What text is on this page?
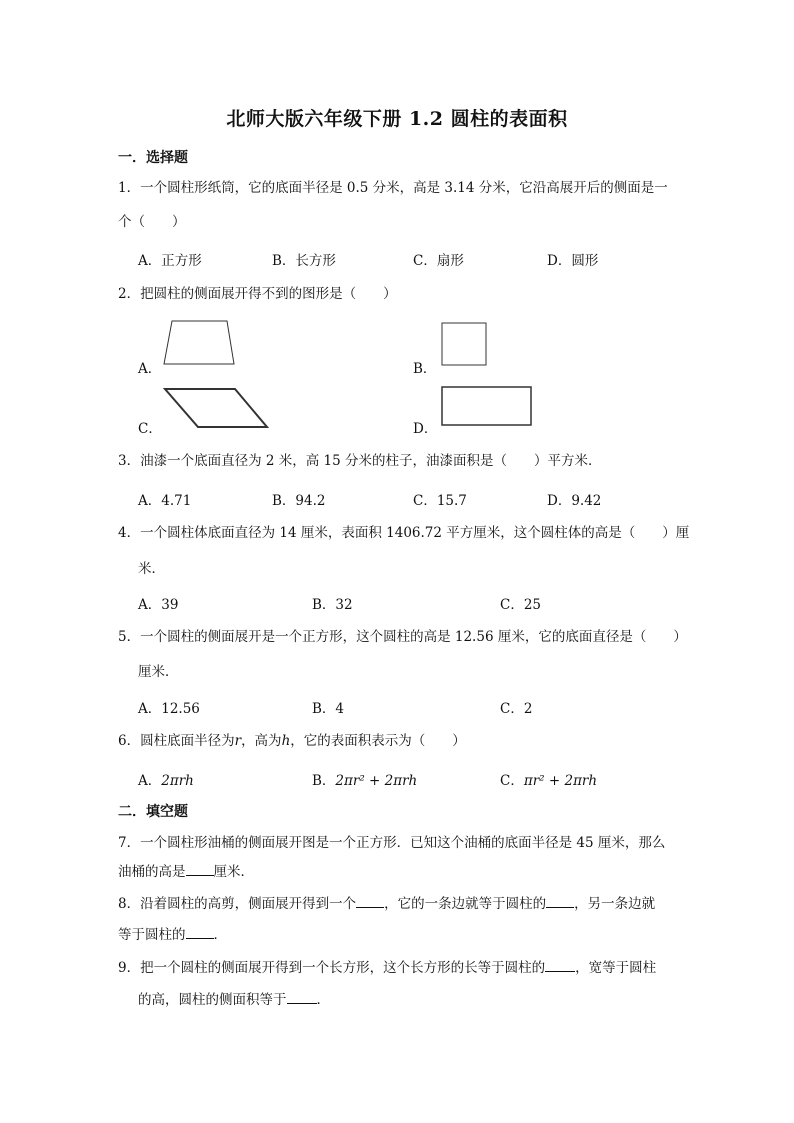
北师大版六年级下册 1.2 圆柱的表面积
一．选择题
1．一个圆柱形纸筒，它的底面半径是 0.5 分米，高是 3.14 分米，它沿高展开后的侧面是一
个（　　）
A．正方形	B．长方形	C．扇形	D．圆形
2．把圆柱的侧面展开得不到的图形是（　　）
A．	B．
C．	D．
3．油漆一个底面直径为 2 米，高 15 分米的柱子，油漆面积是（　　）平方米．
A．4.71	B．94.2	C．15.7	D．9.42
4．一个圆柱体底面直径为 14 厘米，表面积 1406.72 平方厘米，这个圆柱体的高是（　　）厘
米．
A．39	B．32	C．25
5．一个圆柱的侧面展开是一个正方形，这个圆柱的高是 12.56 厘米，它的底面直径是（　　）
厘米．
A．12.56	B．4	C．2
6．圆柱底面半径为r，高为h，它的表面积表示为（　　）
A．2πrh	B．2πr² + 2πrh	C．πr² + 2πrh
二．填空题
7．一个圆柱形油桶的侧面展开图是一个正方形．已知这个油桶的底面半径是 45 厘米，那么
油桶的高是 厘米．
8．沿着圆柱的高剪，侧面展开得到一个 ，它的一条边就等于圆柱的 ，另一条边就
等于圆柱的 ．
9．把一个圆柱的侧面展开得到一个长方形，这个长方形的长等于圆柱的 ，宽等于圆柱
的高，圆柱的侧面积等于 ．
